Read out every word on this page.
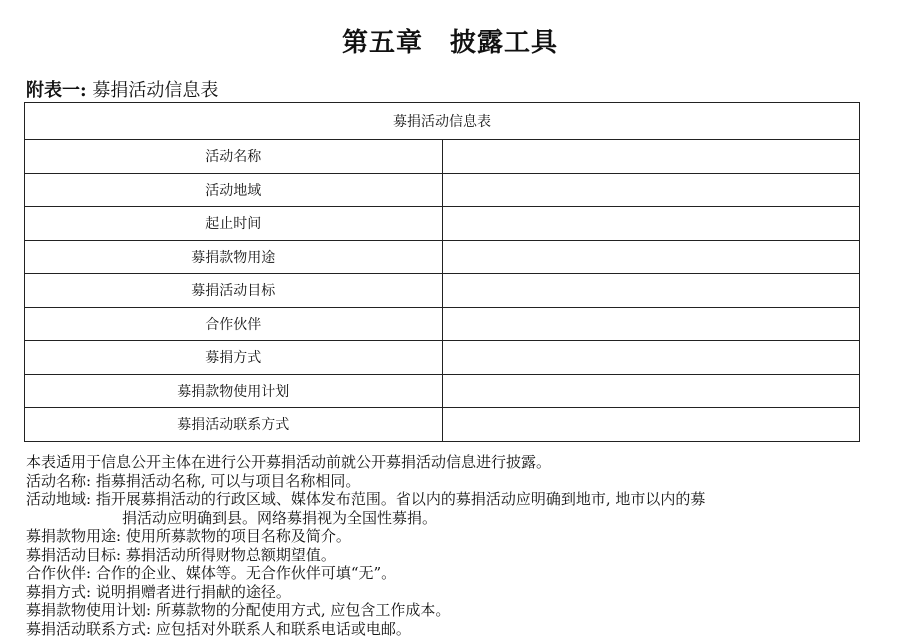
第五章　披露工具
附表一: 募捐活动信息表
募捐活动信息表	
活动名称	
活动地域	
起止时间	
募捐款物用途	
募捐活动目标	
合作伙伴	
募捐方式	
募捐款物使用计划	
募捐活动联系方式	

本表适用于信息公开主体在进行公开募捐活动前就公开募捐活动信息进行披露。

活动名称: 指募捐活动名称, 可以与项目名称相同。

活动地域: 指开展募捐活动的行政区域、媒体发布范围。省以内的募捐活动应明确到地市, 地市以内的募

捐活动应明确到县。网络募捐视为全国性募捐。

募捐款物用途: 使用所募款物的项目名称及简介。

募捐活动目标: 募捐活动所得财物总额期望值。

合作伙伴: 合作的企业、媒体等。无合作伙伴可填“无”。

募捐方式: 说明捐赠者进行捐献的途径。

募捐款物使用计划: 所募款物的分配使用方式, 应包含工作成本。

募捐活动联系方式: 应包括对外联系人和联系电话或电邮。
